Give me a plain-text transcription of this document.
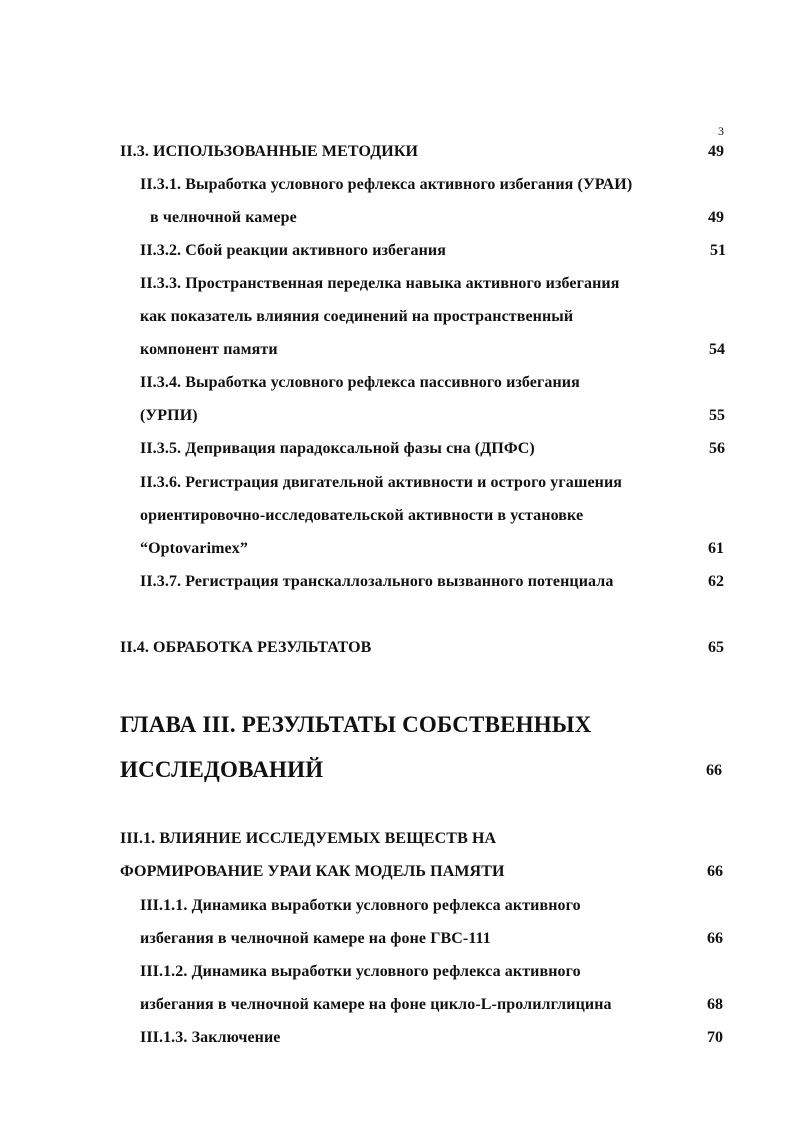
3
II.3. ИСПОЛЬЗОВАННЫЕ МЕТОДИКИ	49
II.3.1. Выработка условного рефлекса активного избегания (УРАИ)
в челночной камере	49
II.3.2. Сбой реакции активного избегания	51
II.3.3. Пространственная переделка навыка активного избегания
как показатель влияния соединений на пространственный
компонент памяти	54
II.3.4. Выработка условного рефлекса пассивного избегания
(УРПИ)	55
II.3.5. Депривация парадоксальной фазы сна (ДПФС)	56
II.3.6. Регистрация двигательной активности и острого угашения
ориентировочно-исследовательской активности в установке
“Optovarimex”	61
II.3.7. Регистрация транскаллозального вызванного потенциала	62
II.4. ОБРАБОТКА РЕЗУЛЬТАТОВ	65
ГЛАВА III. РЕЗУЛЬТАТЫ СОБСТВЕННЫХ
ИССЛЕДОВАНИЙ	66
III.1. ВЛИЯНИЕ ИССЛЕДУЕМЫХ ВЕЩЕСТВ НА
ФОРМИРОВАНИЕ УРАИ КАК МОДЕЛЬ ПАМЯТИ	66
III.1.1. Динамика выработки условного рефлекса активного
избегания в челночной камере на фоне ГВС-111	66
III.1.2. Динамика выработки условного рефлекса активного
избегания в челночной камере на фоне цикло-L-пролилглицина	68
III.1.3. Заключение	70
